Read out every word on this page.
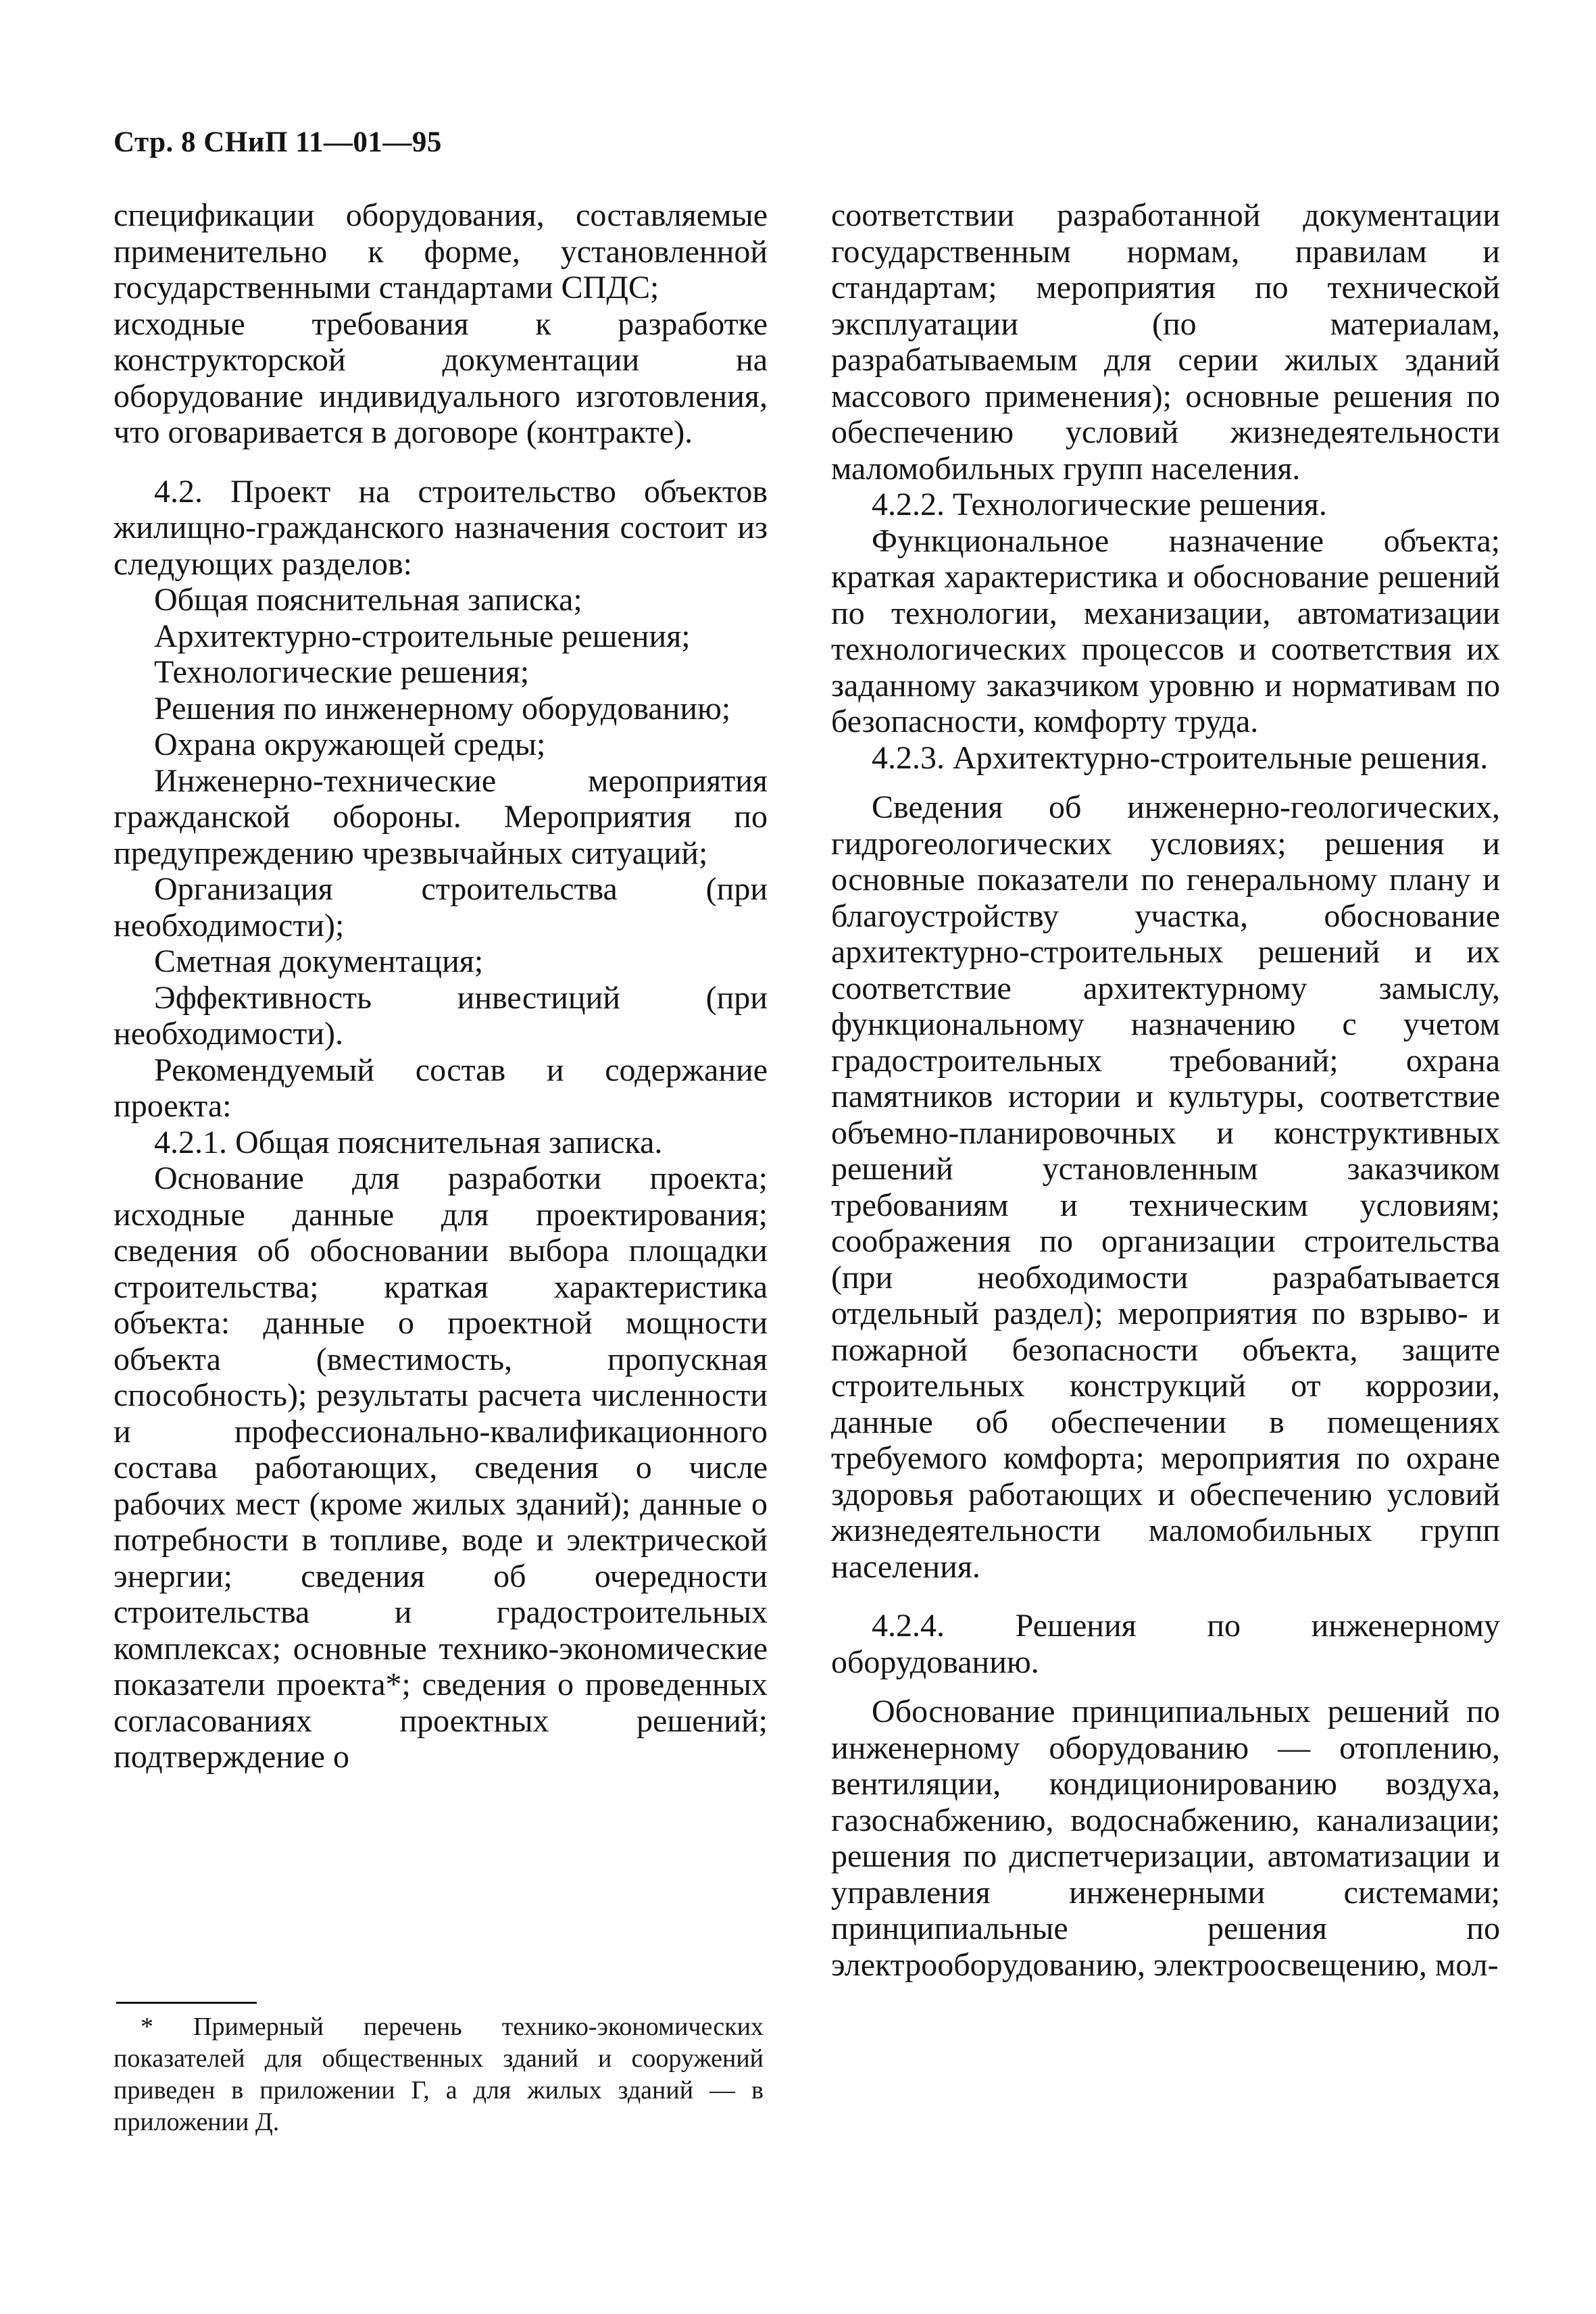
Стр. 8 СНиП 11—01—95

спецификации оборудования, составляемые применительно к форме, установленной государственными стандартами СПДС;

исходные требования к разработке конструкторской документации на оборудование индивидуального изготовления, что оговаривается в договоре (контракте).

4.2. Проект на строительство объектов жилищно-гражданского назначения состоит из следующих разделов:

Общая пояснительная записка;

Архитектурно-строительные решения;

Технологические решения;

Решения по инженерному оборудованию;

Охрана окружающей среды;

Инженерно-технические мероприятия гражданской обороны. Мероприятия по предупреждению чрезвычайных ситуаций;

Организация строительства (при необходимости);

Сметная документация;

Эффективность инвестиций (при необходимости).

Рекомендуемый состав и содержание проекта:

4.2.1. Общая пояснительная записка.

Основание для разработки проекта; исходные данные для проектирования; сведения об обосновании выбора площадки строительства; краткая характеристика объекта: данные о проектной мощности объекта (вместимость, пропускная способность); результаты расчета численности и профессионально-квалификационного состава работающих, сведения о числе рабочих мест (кроме жилых зданий); данные о потребности в топливе, воде и электрической энергии; сведения об очередности строительства и градостроительных комплексах; основные технико-экономические показатели проекта*; сведения о проведенных согласованиях проектных решений; подтверждение о

соответствии разработанной документации государственным нормам, правилам и стандартам; мероприятия по технической эксплуатации (по материалам, разрабатываемым для серии жилых зданий массового применения); основные решения по обеспечению условий жизнедеятельности маломобильных групп населения.

4.2.2. Технологические решения.

Функциональное назначение объекта; краткая характеристика и обоснование решений по технологии, механизации, автоматизации технологических процессов и соответствия их заданному заказчиком уровню и нормативам по безопасности, комфорту труда.

4.2.3. Архитектурно-строительные решения.

Сведения об инженерно-геологических, гидрогеологических условиях; решения и основные показатели по генеральному плану и благоустройству участка, обоснование архитектурно-строительных решений и их соответствие архитектурному замыслу, функциональному назначению с учетом градостроительных требований; охрана памятников истории и культуры, соответствие объемно-планировочных и конструктивных решений установленным заказчиком требованиям и техническим условиям; соображения по организации строительства (при необходимости разрабатывается отдельный раздел); мероприятия по взрыво- и пожарной безопасности объекта, защите строительных конструкций от коррозии, данные об обеспечении в помещениях требуемого комфорта; мероприятия по охране здоровья работающих и обеспечению условий жизнедеятельности маломобильных групп населения.

4.2.4. Решения по инженерному оборудованию.

Обоснование принципиальных решений по инженерному оборудованию — отоплению, вентиляции, кондиционированию воздуха, газоснабжению, водоснабжению, канализации; решения по диспетчеризации, автоматизации и управления инженерными системами; принципиальные решения по электрооборудованию, электроосвещению, мол-

* Примерный перечень технико-экономических показателей для общественных зданий и сооружений приведен в приложении Г, а для жилых зданий — в приложении Д.
